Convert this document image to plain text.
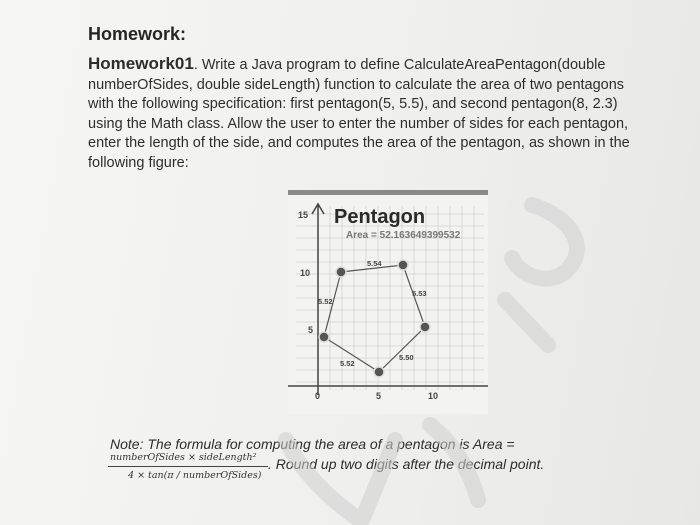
Homework:
Homework01. Write a Java program to define CalculateAreaPentagon(double numberOfSides, double sideLength) function to calculate the area of two pentagons with the following specification: first pentagon(5, 5.5), and second pentagon(8, 2.3) using the Math class. Allow the user to enter the number of sides for each pentagon, enter the length of the side, and computes the area of the pentagon, as shown in the following figure:
Pentagon
Area = 52.163649399532
15
10
5
0	5	10
5.54
5.53
5.50
5.52
5.52
Note: The formula for computing the area of a pentagon is Area =
numberOfSides × sideLength²
4 × tan(π / numberOfSides)
. Round up two digits after the decimal point.
